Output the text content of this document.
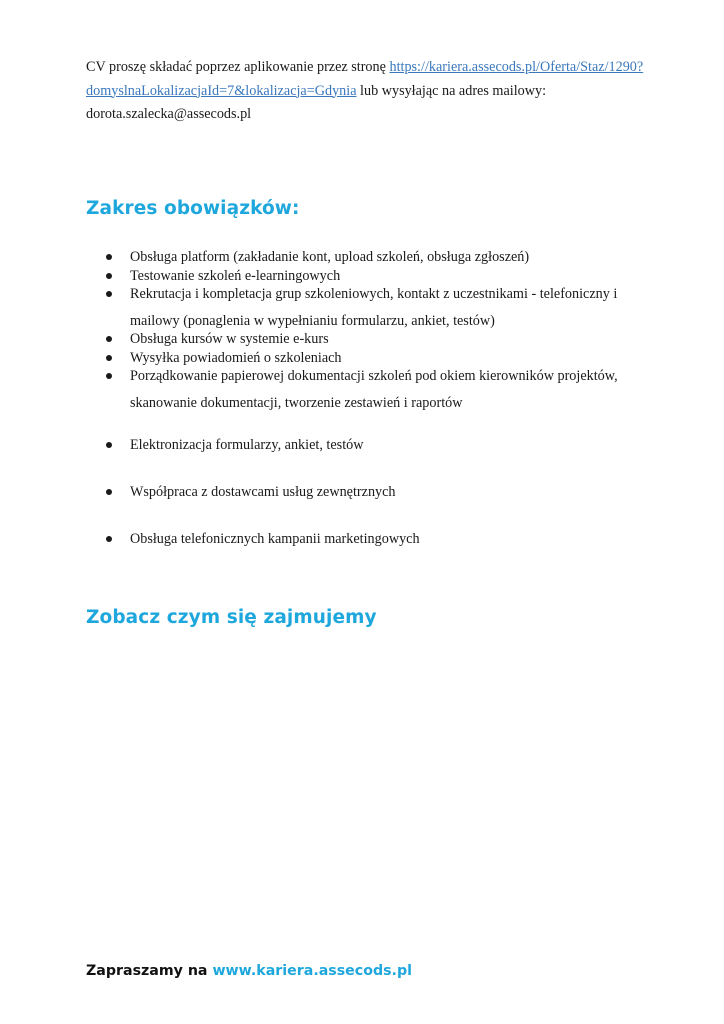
CV proszę składać poprzez aplikowanie przez stronę https://kariera.assecods.pl/Oferta/Staz/1290?
domyslnaLokalizacjaId=7&lokalizacja=Gdynia lub wysyłając na adres mailowy:
dorota.szalecka@assecods.pl
Zakres obowiązków:
Obsługa platform (zakładanie kont, upload szkoleń, obsługa zgłoszeń)
Testowanie szkoleń e-learningowych
Rekrutacja i kompletacja grup szkoleniowych, kontakt z uczestnikami - telefoniczny i
mailowy (ponaglenia w wypełnianiu formularzu, ankiet, testów)
Obsługa kursów w systemie e-kurs
Wysyłka powiadomień o szkoleniach
Porządkowanie papierowej dokumentacji szkoleń pod okiem kierowników projektów,
skanowanie dokumentacji, tworzenie zestawień i raportów
Elektronizacja formularzy, ankiet, testów
Współpraca z dostawcami usług zewnętrznych
Obsługa telefonicznych kampanii marketingowych
Zobacz czym się zajmujemy
Zapraszamy na www.kariera.assecods.pl
